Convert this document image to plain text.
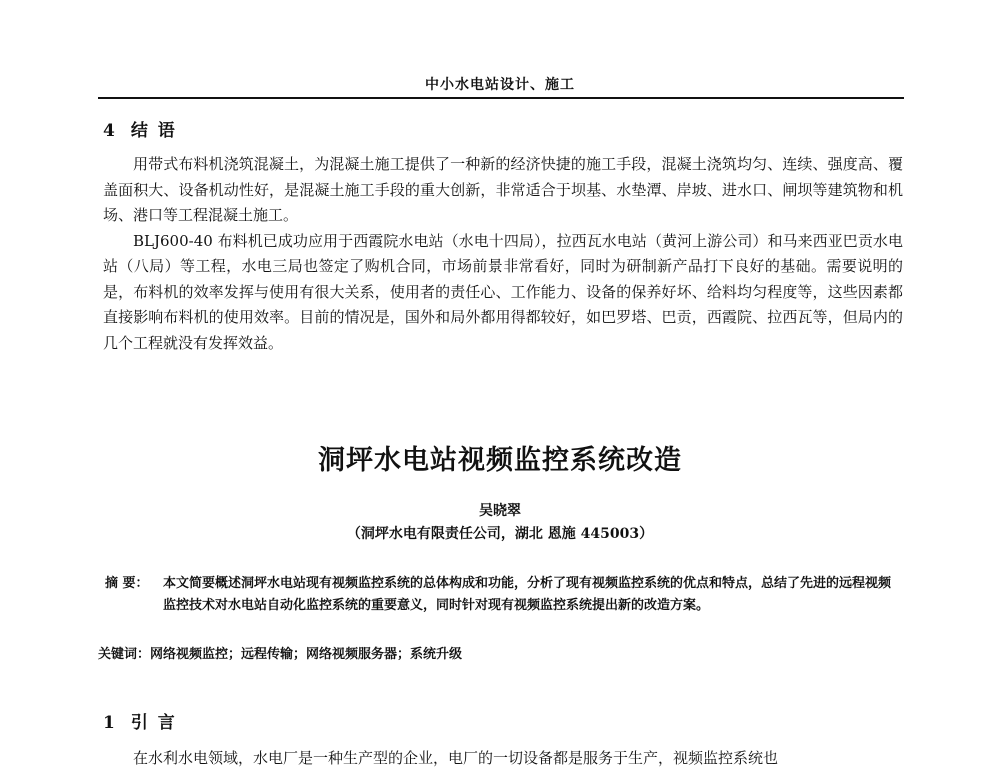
中小水电站设计、施工
4 结 语

用带式布料机浇筑混凝土，为混凝土施工提供了一种新的经济快捷的施工手段，混凝土浇筑均匀、连续、强度高、覆盖面积大、设备机动性好，是混凝土施工手段的重大创新，非常适合于坝基、水垫潭、岸坡、进水口、闸坝等建筑物和机场、港口等工程混凝土施工。

BLJ600-40 布料机已成功应用于西霞院水电站（水电十四局），拉西瓦水电站（黄河上游公司）和马来西亚巴贡水电站（八局）等工程，水电三局也签定了购机合同，市场前景非常看好，同时为研制新产品打下良好的基础。需要说明的是，布料机的效率发挥与使用有很大关系，使用者的责任心、工作能力、设备的保养好坏、给料均匀程度等，这些因素都直接影响布料机的使用效率。目前的情况是，国外和局外都用得都较好，如巴罗塔、巴贡，西霞院、拉西瓦等，但局内的几个工程就没有发挥效益。

洞坪水电站视频监控系统改造
吴晓翠
（洞坪水电有限责任公司，湖北 恩施 445003）
摘 要： 本文简要概述洞坪水电站现有视频监控系统的总体构成和功能，分析了现有视频监控系统的优点和特点，总结了先进的远程视频监控技术对水电站自动化监控系统的重要意义，同时针对现有视频监控系统提出新的改造方案。
关键词：网络视频监控；远程传输；网络视频服务器；系统升级
1 引 言

在水利水电领域，水电厂是一种生产型的企业，电厂的一切设备都是服务于生产，视频监控系统也
